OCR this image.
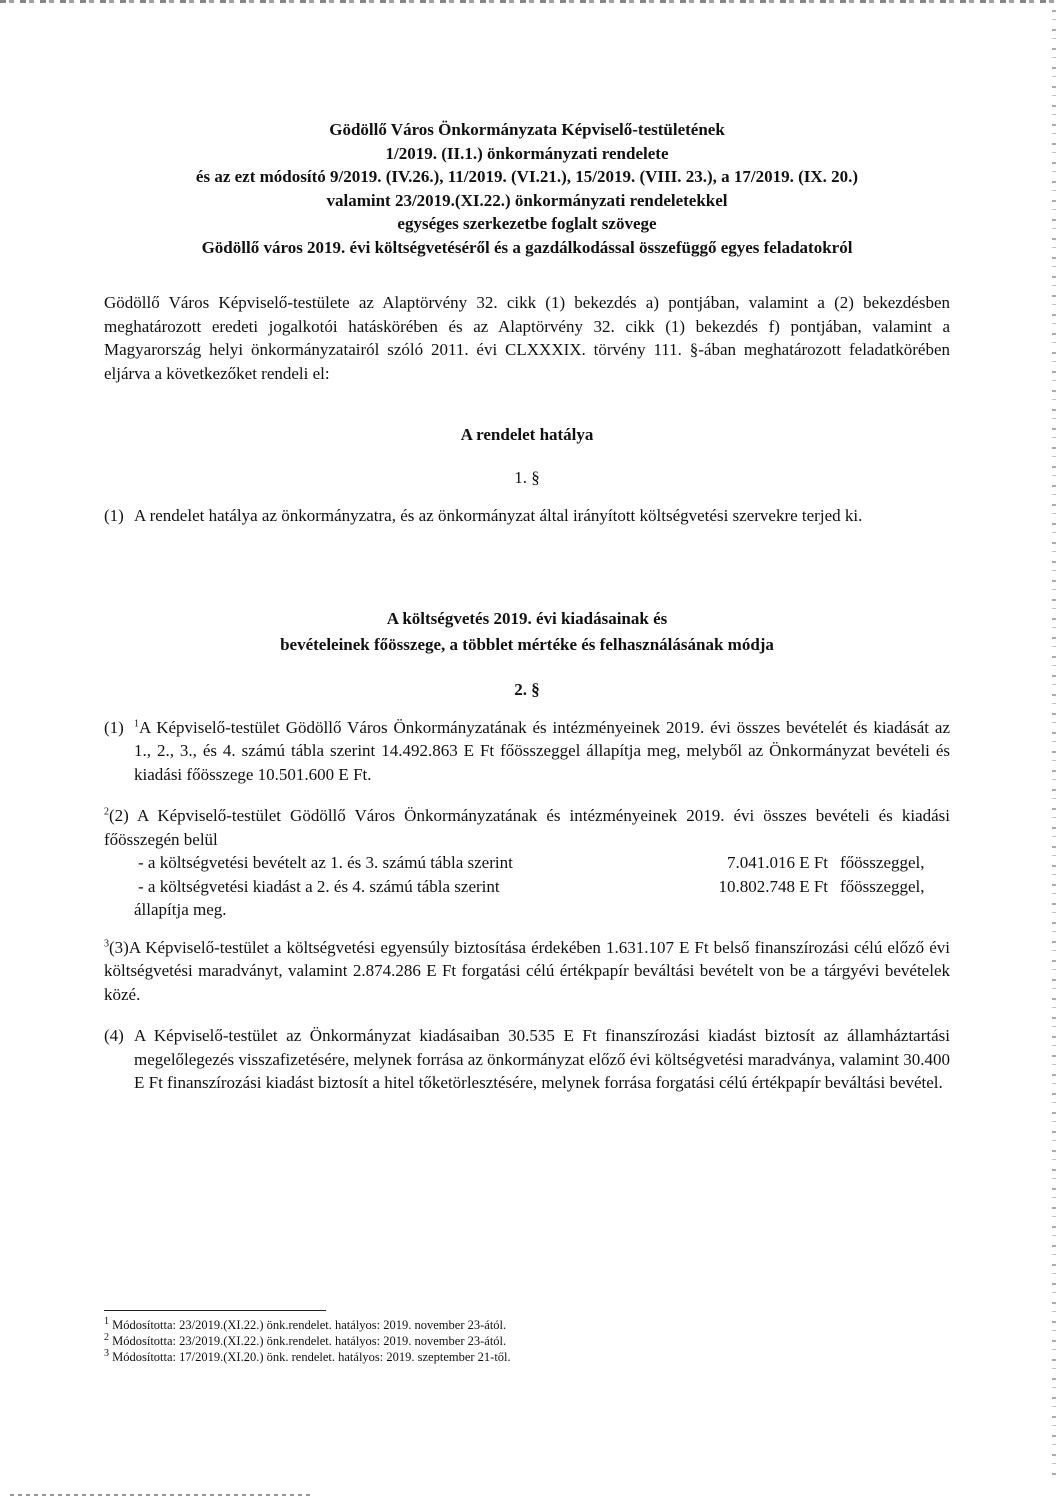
Gödöllő Város Önkormányzata Képviselő-testületének
1/2019. (II.1.) önkormányzati rendelete
és az ezt módosító 9/2019. (IV.26.), 11/2019. (VI.21.), 15/2019. (VIII. 23.), a 17/2019. (IX. 20.)
valamint 23/2019.(XI.22.) önkormányzati rendeletekkel
egységes szerkezetbe foglalt szövege
Gödöllő város 2019. évi költségvetéséről és a gazdálkodással összefüggő egyes feladatokról

Gödöllő Város Képviselő-testülete az Alaptörvény 32. cikk (1) bekezdés a) pontjában, valamint a (2) bekezdésben meghatározott eredeti jogalkotói hatáskörében és az Alaptörvény 32. cikk (1) bekezdés f) pontjában, valamint a Magyarország helyi önkormányzatairól szóló 2011. évi CLXXXIX. törvény 111. §-ában meghatározott feladatkörében eljárva a következőket rendeli el:

A rendelet hatálya
1. §
(1) A rendelet hatálya az önkormányzatra, és az önkormányzat által irányított költségvetési szervekre terjed ki.
A költségvetés 2019. évi kiadásainak és
bevételeinek főösszege, a többlet mértéke és felhasználásának módja
2. §
(1) $^1$A Képviselő-testület Gödöllő Város Önkormányzatának és intézményeinek 2019. évi összes bevételét és kiadását az 1., 2., 3., és 4. számú tábla szerint 14.492.863 E Ft főösszeggel állapítja meg, melyből az Önkormányzat bevételi és kiadási főösszege 10.501.600 E Ft.
$^2$(2) A Képviselő-testület Gödöllő Város Önkormányzatának és intézményeinek 2019. évi összes bevételi és kiadási főösszegén belül
- a költségvetési bevételt az 1. és 3. számú tábla szerint	7.041.016 E Ft főösszeggel,
- a költségvetési kiadást a 2. és 4. számú tábla szerint	10.802.748 E Ft főösszeggel,
állapítja meg.
$^3$(3)A Képviselő-testület a költségvetési egyensúly biztosítása érdekében 1.631.107 E Ft belső finanszírozási célú előző évi költségvetési maradványt, valamint 2.874.286 E Ft forgatási célú értékpapír beváltási bevételt von be a tárgyévi bevételek közé.
(4) A Képviselő-testület az Önkormányzat kiadásaiban 30.535 E Ft finanszírozási kiadást biztosít az államháztartási megelőlegezés visszafizetésére, melynek forrása az önkormányzat előző évi költségvetési maradványa, valamint 30.400 E Ft finanszírozási kiadást biztosít a hitel tőketörlesztésére, melynek forrása forgatási célú értékpapír beváltási bevétel.
$^1$ Módosította: 23/2019.(XI.22.) önk.rendelet. hatályos: 2019. november 23-ától.
$^2$ Módosította: 23/2019.(XI.22.) önk.rendelet. hatályos: 2019. november 23-ától.
$^3$ Módosította: 17/2019.(XI.20.) önk. rendelet. hatályos: 2019. szeptember 21-től.
